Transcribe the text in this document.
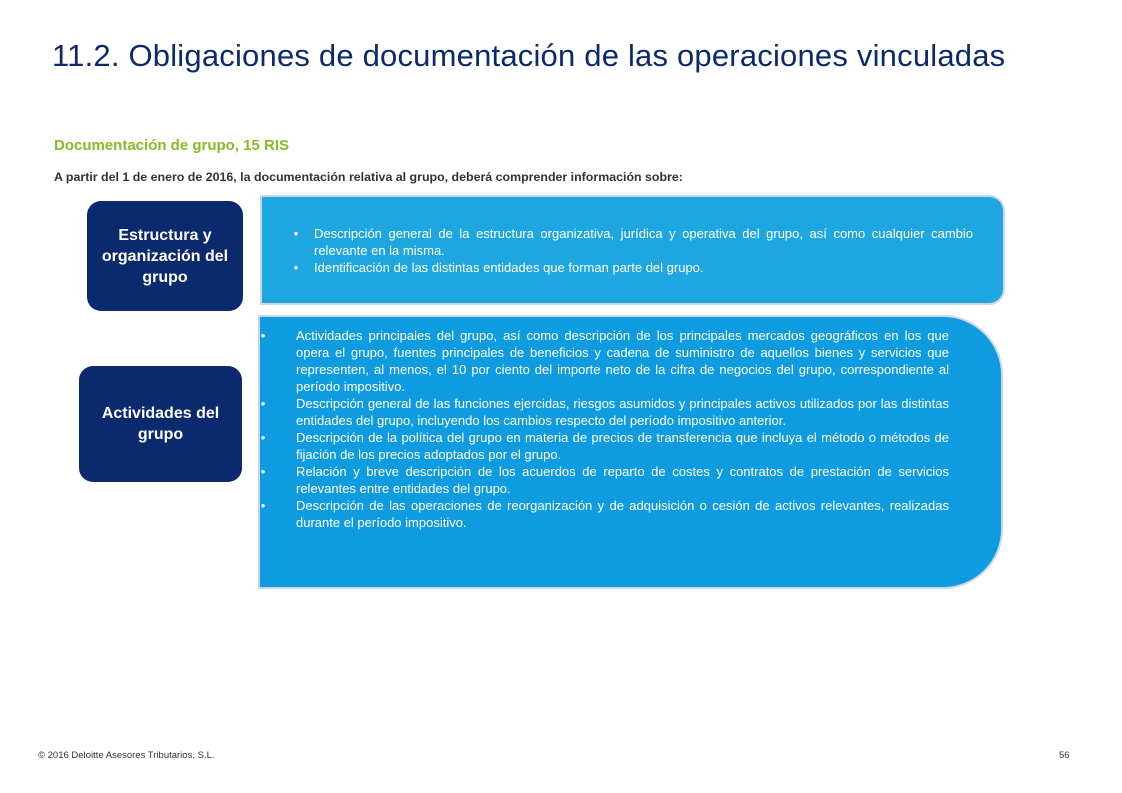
11.2. Obligaciones de documentación de las operaciones vinculadas
Documentación de grupo, 15 RIS
A partir del 1 de enero de 2016, la documentación relativa al grupo, deberá comprender información sobre:
Estructura y organización del grupo
•	Descripción general de la estructura organizativa, jurídica y operativa del grupo, así como cualquier cambio relevante en la misma.
•	Identificación de las distintas entidades que forman parte del grupo.
Actividades del grupo
• Actividades principales del grupo, así como descripción de los principales mercados geográficos en los que opera el grupo, fuentes principales de beneficios y cadena de suministro de aquellos bienes y servicios que representen, al menos, el 10 por ciento del importe neto de la cifra de negocios del grupo, correspondiente al período impositivo.
• Descripción general de las funciones ejercidas, riesgos asumidos y principales activos utilizados por las distintas entidades del grupo, incluyendo los cambios respecto del período impositivo anterior.
• Descripción de la política del grupo en materia de precios de transferencia que incluya el método o métodos de fijación de los precios adoptados por el grupo.
• Relación y breve descripción de los acuerdos de reparto de costes y contratos de prestación de servicios relevantes entre entidades del grupo.
• Descripción de las operaciones de reorganización y de adquisición o cesión de activos relevantes, realizadas durante el período impositivo.
© 2016 Deloitte Asesores Tributarios, S.L.	56
